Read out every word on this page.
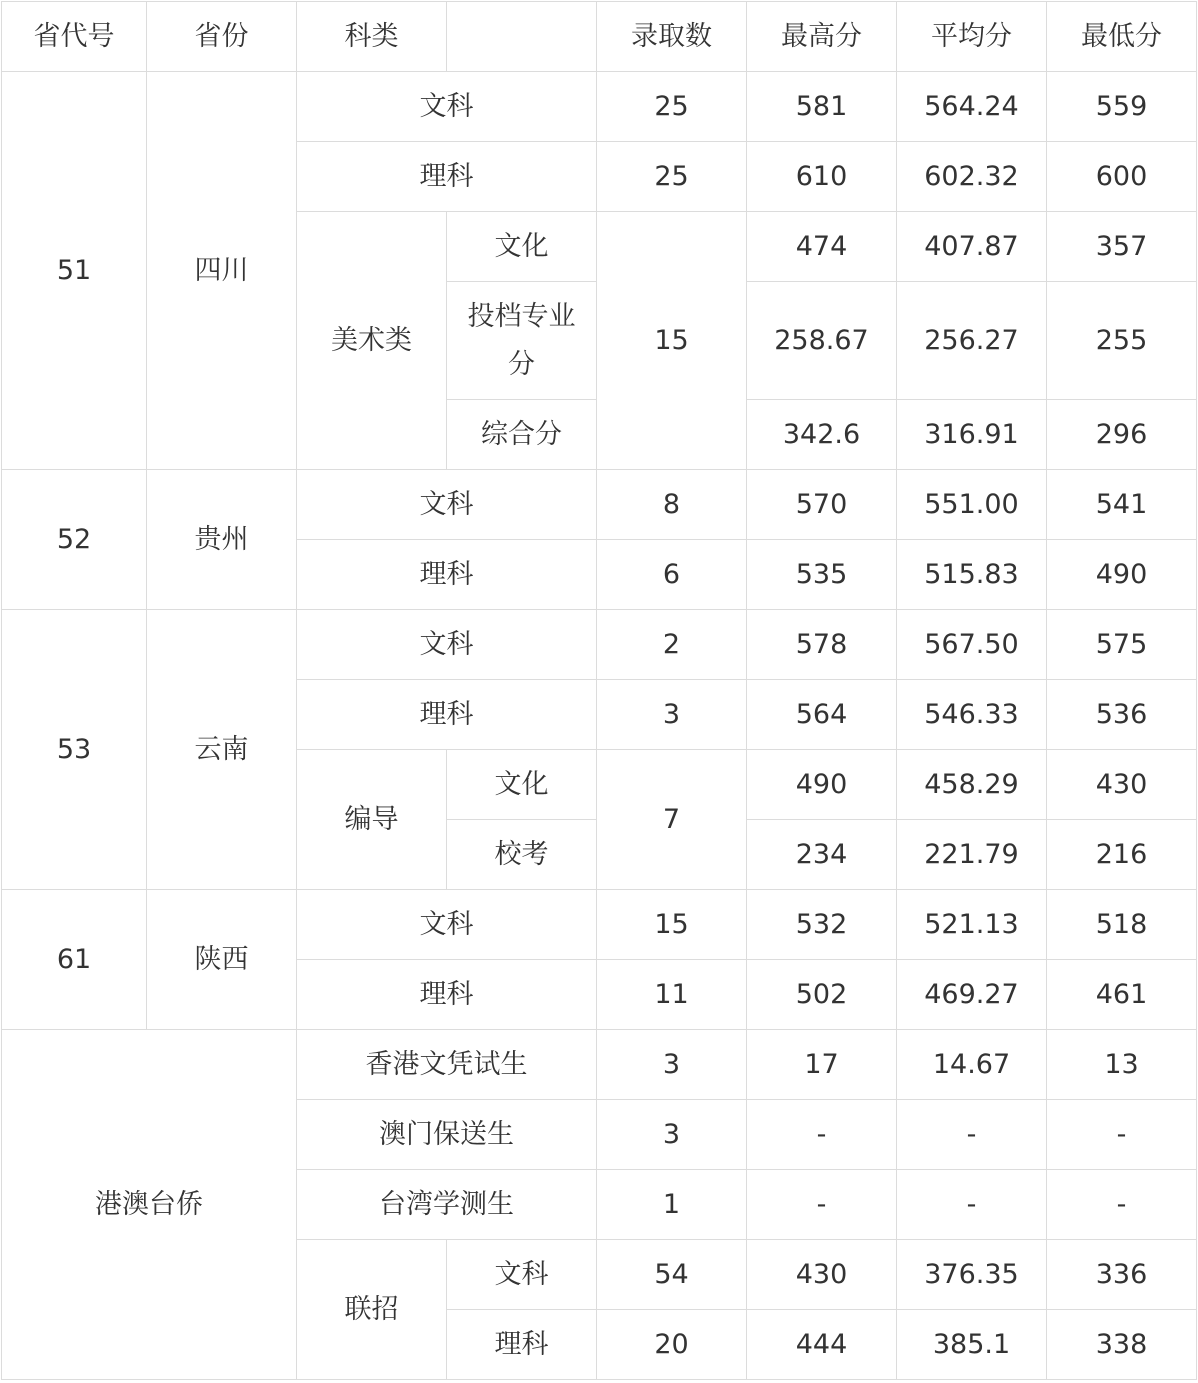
省代号	省份	科类		录取数	最高分	平均分	最低分
51	四川	文科		25	581	564.24	559
		理科		25	610	602.32	600
		美术类	文化	15	474	407.87	357
			投档专业分		258.67	256.27	255
			综合分		342.6	316.91	296
52	贵州	文科		8	570	551.00	541
		理科		6	535	515.83	490
53	云南	文科		2	578	567.50	575
		理科		3	564	546.33	536
		编导	文化	7	490	458.29	430
			校考		234	221.79	216
61	陕西	文科		15	532	521.13	518
		理科		11	502	469.27	461
港澳台侨		香港文凭试生		3	17	14.67	13
		澳门保送生		3	-	-	-
		台湾学测生		1	-	-	-
		联招	文科	54	430	376.35	336
			理科	20	444	385.1	338
